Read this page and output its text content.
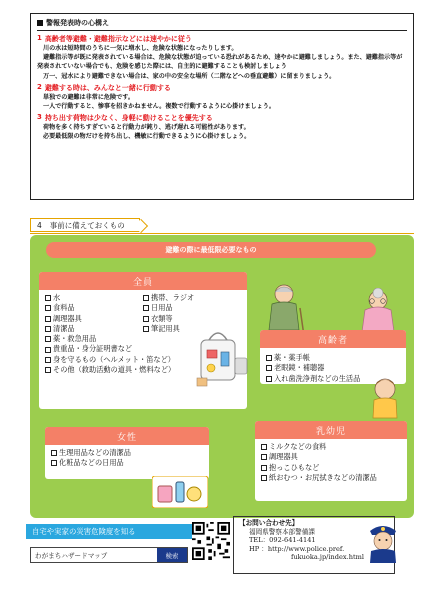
警報発表時の心構え
1 高齢者等避難・避難指示などには速やかに従う

川の水は短時間のうちに一気に増水し、危険な状態になったりします。

避難指示等が既に発表されている場合は、危険な状態が迫っている恐れがあるため、速やかに避難しましょう。また、避難指示等が発表されていない場合でも、危険を感じた際には、自主的に避難することも検討しましょう

万一、冠水により避難できない場合は、家の中の安全な場所（二階などへの垂直避難）に留まりましょう。

2 避難する時は、みんなと一緒に行動する

単独での避難は非常に危険です。

一人で行動すると、惨事を招きかねません。複数で行動するように心掛けましょう。

3 持ち出す荷物は少なく、身軽に動けることを優先する

荷物を多く持ちすぎていると行動力が鈍り、逃げ遅れる可能性があります。

必要最低限の物だけを持ち出し、機敏に行動できるように心掛けましょう。

4 事前に備えておくもの
避難の際に最低限必要なもの
全員
水
食料品
調理器具
清潔品
携帯、ラジオ
日用品
衣類等
筆記用具
薬・救急用品
貴重品・身分証明書など
身を守るもの（ヘルメット・笛など）
その他（救助活動の道具・燃料など）
高齢者
薬・薬手帳
老眼鏡・補聴器
入れ歯洗浄剤などの生活品
女性
生理用品などの清潔品
化粧品などの日用品
乳幼児
ミルクなどの食料
調理器具
抱っこひもなど
紙おむつ・お尻拭きなどの清潔品
自宅や実家の災害危険度を知る
わがまちハザードマップ	検索
【お問い合わせ先】
福岡県警察本部警備課
TEL：092-641-4141
HP ：http://www.police.pref.
fukuoka.jp/index.html
